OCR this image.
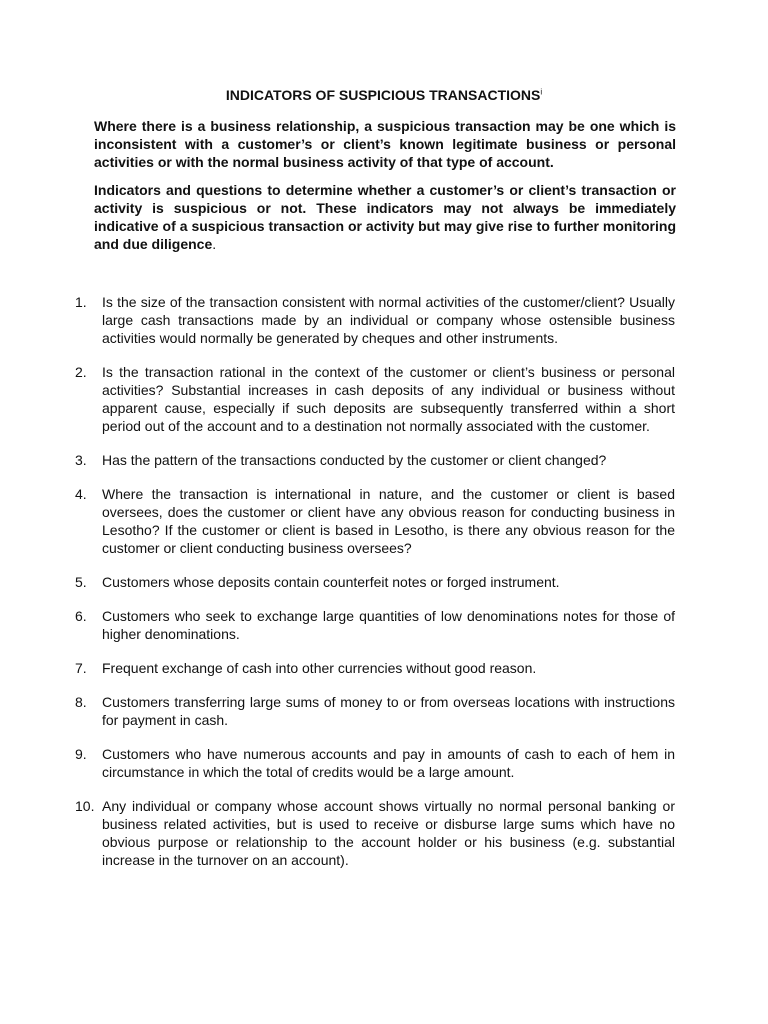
INDICATORS OF SUSPICIOUS TRANSACTIONS$^i$

Where there is a business relationship, a suspicious transaction may be one which is inconsistent with a customer’s or client’s known legitimate business or personal activities or with the normal business activity of that type of account.

Indicators and questions to determine whether a customer’s or client’s transaction or activity is suspicious or not. These indicators may not always be immediately indicative of a suspicious transaction or activity but may give rise to further monitoring and due diligence.

1. Is the size of the transaction consistent with normal activities of the customer/client? Usually large cash transactions made by an individual or company whose ostensible business activities would normally be generated by cheques and other instruments.
2. Is the transaction rational in the context of the customer or client’s business or personal activities? Substantial increases in cash deposits of any individual or business without apparent cause, especially if such deposits are subsequently transferred within a short period out of the account and to a destination not normally associated with the customer.
3. Has the pattern of the transactions conducted by the customer or client changed?
4. Where the transaction is international in nature, and the customer or client is based oversees, does the customer or client have any obvious reason for conducting business in Lesotho? If the customer or client is based in Lesotho, is there any obvious reason for the customer or client conducting business oversees?
5. Customers whose deposits contain counterfeit notes or forged instrument.
6. Customers who seek to exchange large quantities of low denominations notes for those of higher denominations.
7. Frequent exchange of cash into other currencies without good reason.
8. Customers transferring large sums of money to or from overseas locations with instructions for payment in cash.
9. Customers who have numerous accounts and pay in amounts of cash to each of hem in circumstance in which the total of credits would be a large amount.
10. Any individual or company whose account shows virtually no normal personal banking or business related activities, but is used to receive or disburse large sums which have no obvious purpose or relationship to the account holder or his business (e.g. substantial increase in the turnover on an account).
